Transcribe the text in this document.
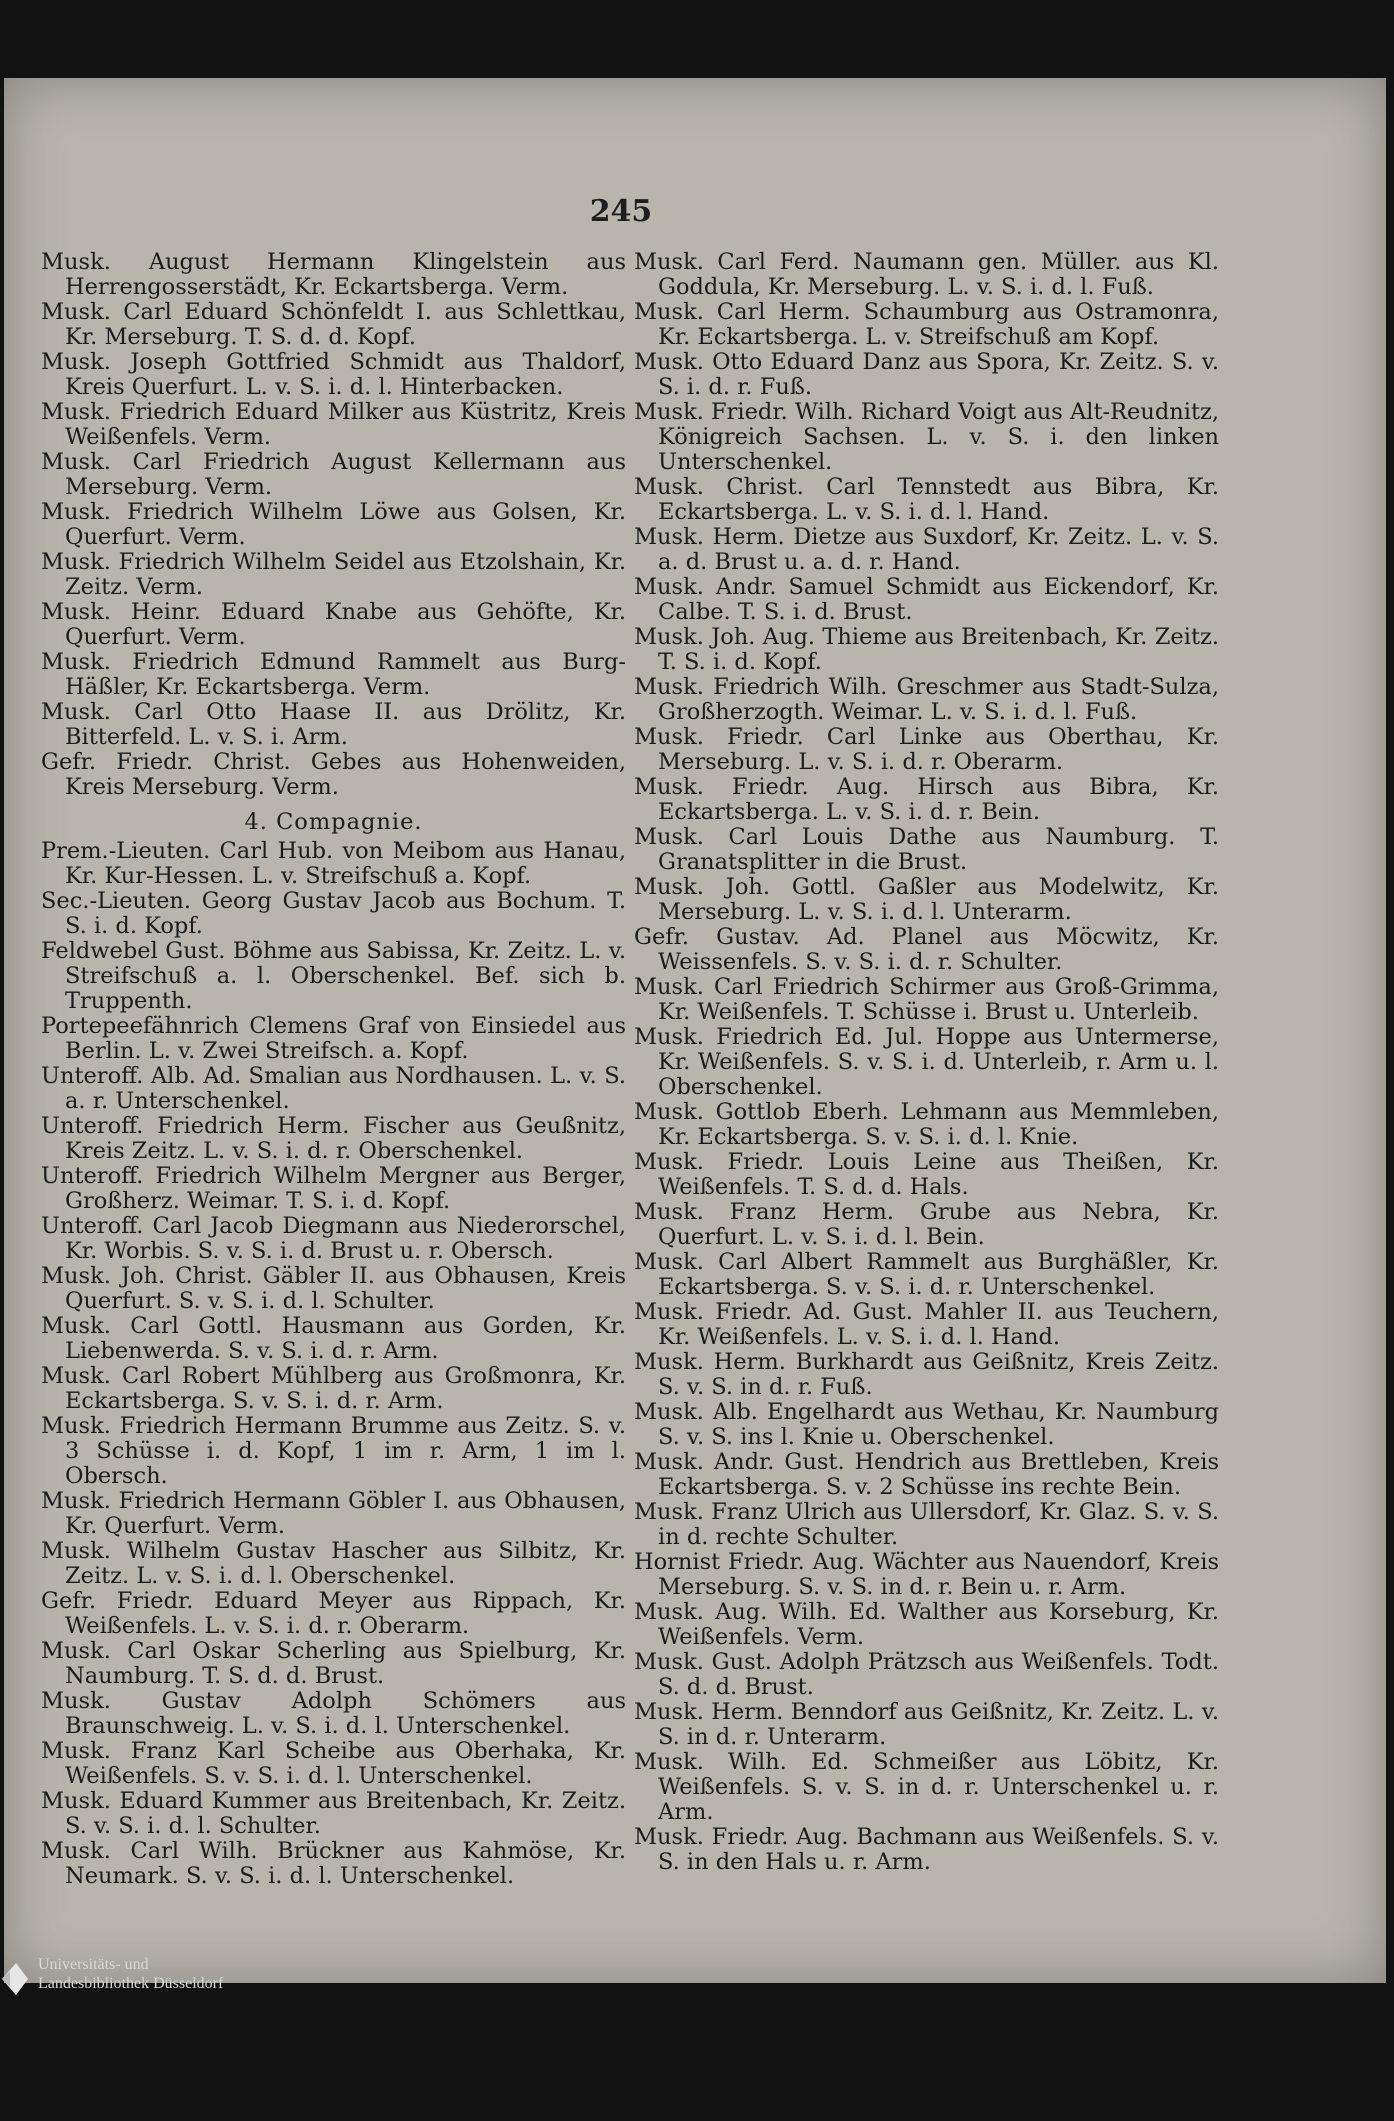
245

Musk. August Hermann Klingelstein aus Herrengosserstädt, Kr. Eckartsberga. Verm.

Musk. Carl Eduard Schönfeldt I. aus Schlettkau, Kr. Merseburg. T. S. d. d. Kopf.

Musk. Joseph Gottfried Schmidt aus Thaldorf, Kreis Querfurt. L. v. S. i. d. l. Hinterbacken.

Musk. Friedrich Eduard Milker aus Küstritz, Kreis Weißenfels. Verm.

Musk. Carl Friedrich August Kellermann aus Merseburg. Verm.

Musk. Friedrich Wilhelm Löwe aus Golsen, Kr. Querfurt. Verm.

Musk. Friedrich Wilhelm Seidel aus Etzolshain, Kr. Zeitz. Verm.

Musk. Heinr. Eduard Knabe aus Gehöfte, Kr. Querfurt. Verm.

Musk. Friedrich Edmund Rammelt aus Burg-Häßler, Kr. Eckartsberga. Verm.

Musk. Carl Otto Haase II. aus Drölitz, Kr. Bitterfeld. L. v. S. i. Arm.

Gefr. Friedr. Christ. Gebes aus Hohenweiden, Kreis Merseburg. Verm.

4. Compagnie.

Prem.-Lieuten. Carl Hub. von Meibom aus Hanau, Kr. Kur-Hessen. L. v. Streifschuß a. Kopf.

Sec.-Lieuten. Georg Gustav Jacob aus Bochum. T. S. i. d. Kopf.

Feldwebel Gust. Böhme aus Sabissa, Kr. Zeitz. L. v. Streifschuß a. l. Oberschenkel. Bef. sich b. Truppenth.

Portepeefähnrich Clemens Graf von Einsiedel aus Berlin. L. v. Zwei Streifsch. a. Kopf.

Unteroff. Alb. Ad. Smalian aus Nordhausen. L. v. S. a. r. Unterschenkel.

Unteroff. Friedrich Herm. Fischer aus Geußnitz, Kreis Zeitz. L. v. S. i. d. r. Oberschenkel.

Unteroff. Friedrich Wilhelm Mergner aus Berger, Großherz. Weimar. T. S. i. d. Kopf.

Unteroff. Carl Jacob Diegmann aus Niederorschel, Kr. Worbis. S. v. S. i. d. Brust u. r. Obersch.

Musk. Joh. Christ. Gäbler II. aus Obhausen, Kreis Querfurt. S. v. S. i. d. l. Schulter.

Musk. Carl Gottl. Hausmann aus Gorden, Kr. Liebenwerda. S. v. S. i. d. r. Arm.

Musk. Carl Robert Mühlberg aus Großmonra, Kr. Eckartsberga. S. v. S. i. d. r. Arm.

Musk. Friedrich Hermann Brumme aus Zeitz. S. v. 3 Schüsse i. d. Kopf, 1 im r. Arm, 1 im l. Obersch.

Musk. Friedrich Hermann Göbler I. aus Obhausen, Kr. Querfurt. Verm.

Musk. Wilhelm Gustav Hascher aus Silbitz, Kr. Zeitz. L. v. S. i. d. l. Oberschenkel.

Gefr. Friedr. Eduard Meyer aus Rippach, Kr. Weißenfels. L. v. S. i. d. r. Oberarm.

Musk. Carl Oskar Scherling aus Spielburg, Kr. Naumburg. T. S. d. d. Brust.

Musk. Gustav Adolph Schömers aus Braunschweig. L. v. S. i. d. l. Unterschenkel.

Musk. Franz Karl Scheibe aus Oberhaka, Kr. Weißenfels. S. v. S. i. d. l. Unterschenkel.

Musk. Eduard Kummer aus Breitenbach, Kr. Zeitz. S. v. S. i. d. l. Schulter.

Musk. Carl Wilh. Brückner aus Kahmöse, Kr. Neumark. S. v. S. i. d. l. Unterschenkel.

Musk. Carl Ferd. Naumann gen. Müller. aus Kl. Goddula, Kr. Merseburg. L. v. S. i. d. l. Fuß.

Musk. Carl Herm. Schaumburg aus Ostramonra, Kr. Eckartsberga. L. v. Streifschuß am Kopf.

Musk. Otto Eduard Danz aus Spora, Kr. Zeitz. S. v. S. i. d. r. Fuß.

Musk. Friedr. Wilh. Richard Voigt aus Alt-Reudnitz, Königreich Sachsen. L. v. S. i. den linken Unterschenkel.

Musk. Christ. Carl Tennstedt aus Bibra, Kr. Eckartsberga. L. v. S. i. d. l. Hand.

Musk. Herm. Dietze aus Suxdorf, Kr. Zeitz. L. v. S. a. d. Brust u. a. d. r. Hand.

Musk. Andr. Samuel Schmidt aus Eickendorf, Kr. Calbe. T. S. i. d. Brust.

Musk. Joh. Aug. Thieme aus Breitenbach, Kr. Zeitz. T. S. i. d. Kopf.

Musk. Friedrich Wilh. Greschmer aus Stadt-Sulza, Großherzogth. Weimar. L. v. S. i. d. l. Fuß.

Musk. Friedr. Carl Linke aus Oberthau, Kr. Merseburg. L. v. S. i. d. r. Oberarm.

Musk. Friedr. Aug. Hirsch aus Bibra, Kr. Eckartsberga. L. v. S. i. d. r. Bein.

Musk. Carl Louis Dathe aus Naumburg. T. Granatsplitter in die Brust.

Musk. Joh. Gottl. Gaßler aus Modelwitz, Kr. Merseburg. L. v. S. i. d. l. Unterarm.

Gefr. Gustav. Ad. Planel aus Möcwitz, Kr. Weissenfels. S. v. S. i. d. r. Schulter.

Musk. Carl Friedrich Schirmer aus Groß-Grimma, Kr. Weißenfels. T. Schüsse i. Brust u. Unterleib.

Musk. Friedrich Ed. Jul. Hoppe aus Untermerse, Kr. Weißenfels. S. v. S. i. d. Unterleib, r. Arm u. l. Oberschenkel.

Musk. Gottlob Eberh. Lehmann aus Memmleben, Kr. Eckartsberga. S. v. S. i. d. l. Knie.

Musk. Friedr. Louis Leine aus Theißen, Kr. Weißenfels. T. S. d. d. Hals.

Musk. Franz Herm. Grube aus Nebra, Kr. Querfurt. L. v. S. i. d. l. Bein.

Musk. Carl Albert Rammelt aus Burghäßler, Kr. Eckartsberga. S. v. S. i. d. r. Unterschenkel.

Musk. Friedr. Ad. Gust. Mahler II. aus Teuchern, Kr. Weißenfels. L. v. S. i. d. l. Hand.

Musk. Herm. Burkhardt aus Geißnitz, Kreis Zeitz. S. v. S. in d. r. Fuß.

Musk. Alb. Engelhardt aus Wethau, Kr. Naumburg S. v. S. ins l. Knie u. Oberschenkel.

Musk. Andr. Gust. Hendrich aus Brettleben, Kreis Eckartsberga. S. v. 2 Schüsse ins rechte Bein.

Musk. Franz Ulrich aus Ullersdorf, Kr. Glaz. S. v. S. in d. rechte Schulter.

Hornist Friedr. Aug. Wächter aus Nauendorf, Kreis Merseburg. S. v. S. in d. r. Bein u. r. Arm.

Musk. Aug. Wilh. Ed. Walther aus Korseburg, Kr. Weißenfels. Verm.

Musk. Gust. Adolph Prätzsch aus Weißenfels. Todt. S. d. d. Brust.

Musk. Herm. Benndorf aus Geißnitz, Kr. Zeitz. L. v. S. in d. r. Unterarm.

Musk. Wilh. Ed. Schmeißer aus Löbitz, Kr. Weißenfels. S. v. S. in d. r. Unterschenkel u. r. Arm.

Musk. Friedr. Aug. Bachmann aus Weißenfels. S. v. S. in den Hals u. r. Arm.

Universitäts- und
Landesbibliothek Düsseldorf
